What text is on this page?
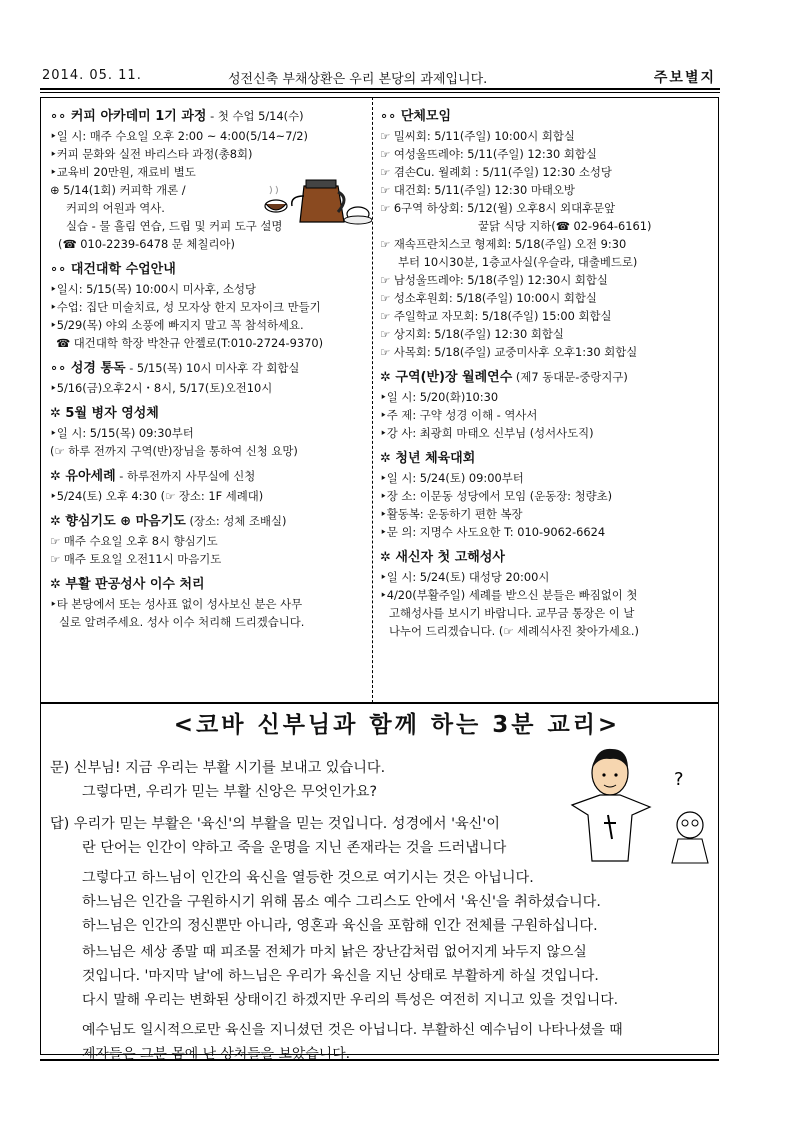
2014. 05. 11.	성전신축 부채상환은 우리 본당의 과제입니다.	주보별지
∘∘ 커피 아카데미 1기 과정 - 첫 수업 5/14(수)
‣일 시: 매주 수요일 오후 2:00 ~ 4:00(5/14~7/2)
‣커피 문화와 실전 바리스타 과정(총8회)
‣교육비 20만원, 재료비 별도
⊕ 5/14(1회) 커피학 개론 /
커피의 어원과 역사.
실습 - 물 흘림 연습, 드립 및 커피 도구 설명
(☎ 010-2239-6478 문 체칠리아)
∘∘ 대건대학 수업안내
‣일시: 5/15(목) 10:00시 미사후, 소성당
‣수업: 집단 미술치료, 성 모자상 한지 모자이크 만들기
‣5/29(목) 야외 소풍에 빠지지 말고 꼭 참석하세요.
☎ 대건대학 학장 박찬규 안젤로(T:010-2724-9370)
∘∘ 성경 통독 - 5/15(목) 10시 미사후 각 회합실
‣5/16(금)오후2시・8시, 5/17(토)오전10시
✲ 5월 병자 영성체
‣일 시: 5/15(목) 09:30부터
(☞ 하루 전까지 구역(반)장님을 통하여 신청 요망)
✲ 유아세례 - 하루전까지 사무실에 신청
‣5/24(토) 오후 4:30 (☞ 장소: 1F 세례대)
✲ 향심기도 ⊕ 마음기도 (장소: 성체 조배실)
☞ 매주 수요일 오후 8시 향심기도
☞ 매주 토요일 오전11시 마음기도
✲ 부활 판공성사 이수 처리
‣타 본당에서 또는 성사표 없이 성사보신 분은 사무
실로 알려주세요. 성사 이수 처리해 드리겠습니다.
∘∘ 단체모임
☞ 밀씨회: 5/11(주일) 10:00시 회합실
☞ 여성울뜨레야: 5/11(주일) 12:30 회합실
☞ 겸손Cu. 월례회 : 5/11(주일) 12:30 소성당
☞ 대건회: 5/11(주일) 12:30 마태오방
☞ 6구역 하상회: 5/12(월) 오후8시 외대후문앞
꿀닭 식당 지하(☎ 02-964-6161)
☞ 재속프란치스코 형제회: 5/18(주일) 오전 9:30
부터 10시30분, 1층교사실(우슬라, 대출베드로)
☞ 남성울뜨레야: 5/18(주일) 12:30시 회합실
☞ 성소후원회: 5/18(주일) 10:00시 회합실
☞ 주일학교 자모회: 5/18(주일) 15:00 회합실
☞ 상지회: 5/18(주일) 12:30 회합실
☞ 사목회: 5/18(주일) 교중미사후 오후1:30 회합실
✲ 구역(반)장 월례연수 (제7 동대문-중랑지구)
‣일 시: 5/20(화)10:30
‣주 제: 구약 성경 이해 - 역사서
‣강 사: 최광희 마태오 신부님 (성서사도직)
✲ 청년 체육대회
‣일 시: 5/24(토) 09:00부터
‣장 소: 이문동 성당에서 모임 (운동장: 청량초)
‣활동복: 운동하기 편한 복장
‣문 의: 지명수 사도요한 T: 010-9062-6624
✲ 새신자 첫 고해성사
‣일 시: 5/24(토) 대성당 20:00시
‣4/20(부활주일) 세례를 받으신 분들은 빠짐없이 첫
고해성사를 보시기 바랍니다. 교무금 통장은 이 날
나누어 드리겠습니다. (☞ 세례식사진 찾아가세요.)
<코바 신부님과 함께 하는 3분 교리>
문) 신부님! 지금 우리는 부활 시기를 보내고 있습니다.
그렇다면, 우리가 믿는 부활 신앙은 무엇인가요?
답) 우리가 믿는 부활은 '육신'의 부활을 믿는 것입니다. 성경에서 '육신'이
란 단어는 인간이 약하고 죽을 운명을 지닌 존재라는 것을 드러냅니다
그렇다고 하느님이 인간의 육신을 열등한 것으로 여기시는 것은 아닙니다.
하느님은 인간을 구원하시기 위해 몸소 예수 그리스도 안에서 '육신'을 취하셨습니다.
하느님은 인간의 정신뿐만 아니라, 영혼과 육신을 포함해 인간 전체를 구원하십니다.
하느님은 세상 종말 때 피조물 전체가 마치 낡은 장난감처럼 없어지게 놔두지 않으실
것입니다. '마지막 날'에 하느님은 우리가 육신을 지닌 상태로 부활하게 하실 것입니다.
다시 말해 우리는 변화된 상태이긴 하겠지만 우리의 특성은 여전히 지니고 있을 것입니다.
예수님도 일시적으로만 육신을 지니셨던 것은 아닙니다. 부활하신 예수님이 나타나셨을 때
제자들은 그분 몸에 난 상처들을 보았습니다.
?
